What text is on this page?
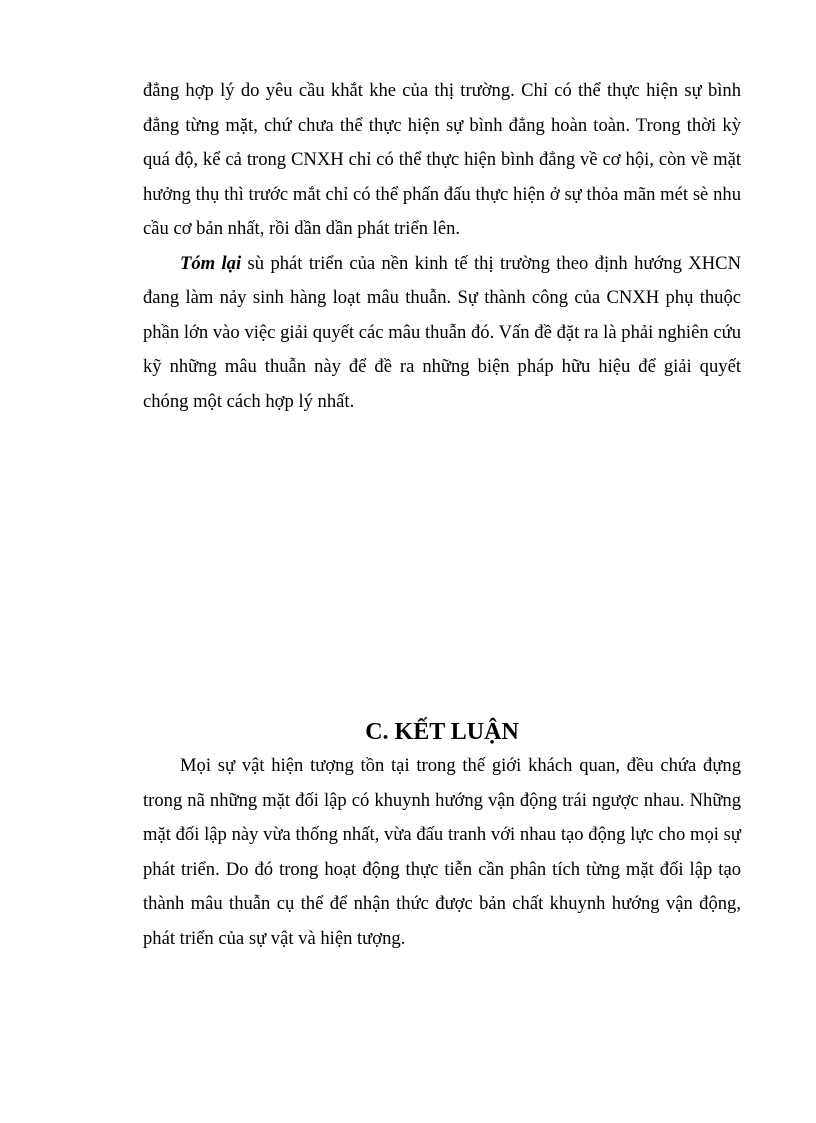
đẳng hợp lý do yêu cầu khắt khe của thị trường. Chỉ có thể thực hiện sự bình đẳng từng mặt, chứ chưa thể thực hiện sự bình đẳng hoàn toàn. Trong thời kỳ quá độ, kể cả trong CNXH chỉ có thể thực hiện bình đẳng về cơ hội, còn về mặt hưởng thụ thì trước mắt chỉ có thể phấn đấu thực hiện ở sự thỏa mãn mét sè nhu cầu cơ bản nhất, rồi dần dần phát triển lên.

Tóm lại sù phát triển của nền kinh tế thị trường theo định hướng XHCN đang làm nảy sinh hàng loạt mâu thuẫn. Sự thành công của CNXH phụ thuộc phần lớn vào việc giải quyết các mâu thuẫn đó. Vấn đề đặt ra là phải nghiên cứu kỹ những mâu thuẫn này để đề ra những biện pháp hữu hiệu để giải quyết chóng một cách hợp lý nhất.

C. KẾT LUẬN

Mọi sự vật hiện tượng tồn tại trong thế giới khách quan, đều chứa đựng trong nã những mặt đối lập có khuynh hướng vận động trái ngược nhau. Những mặt đối lập này vừa thống nhất, vừa đấu tranh với nhau tạo động lực cho mọi sự phát triển. Do đó trong hoạt động thực tiễn cần phân tích từng mặt đối lập tạo thành mâu thuẫn cụ thể để nhận thức được bản chất khuynh hướng vận động, phát triển của sự vật và hiện tượng.
